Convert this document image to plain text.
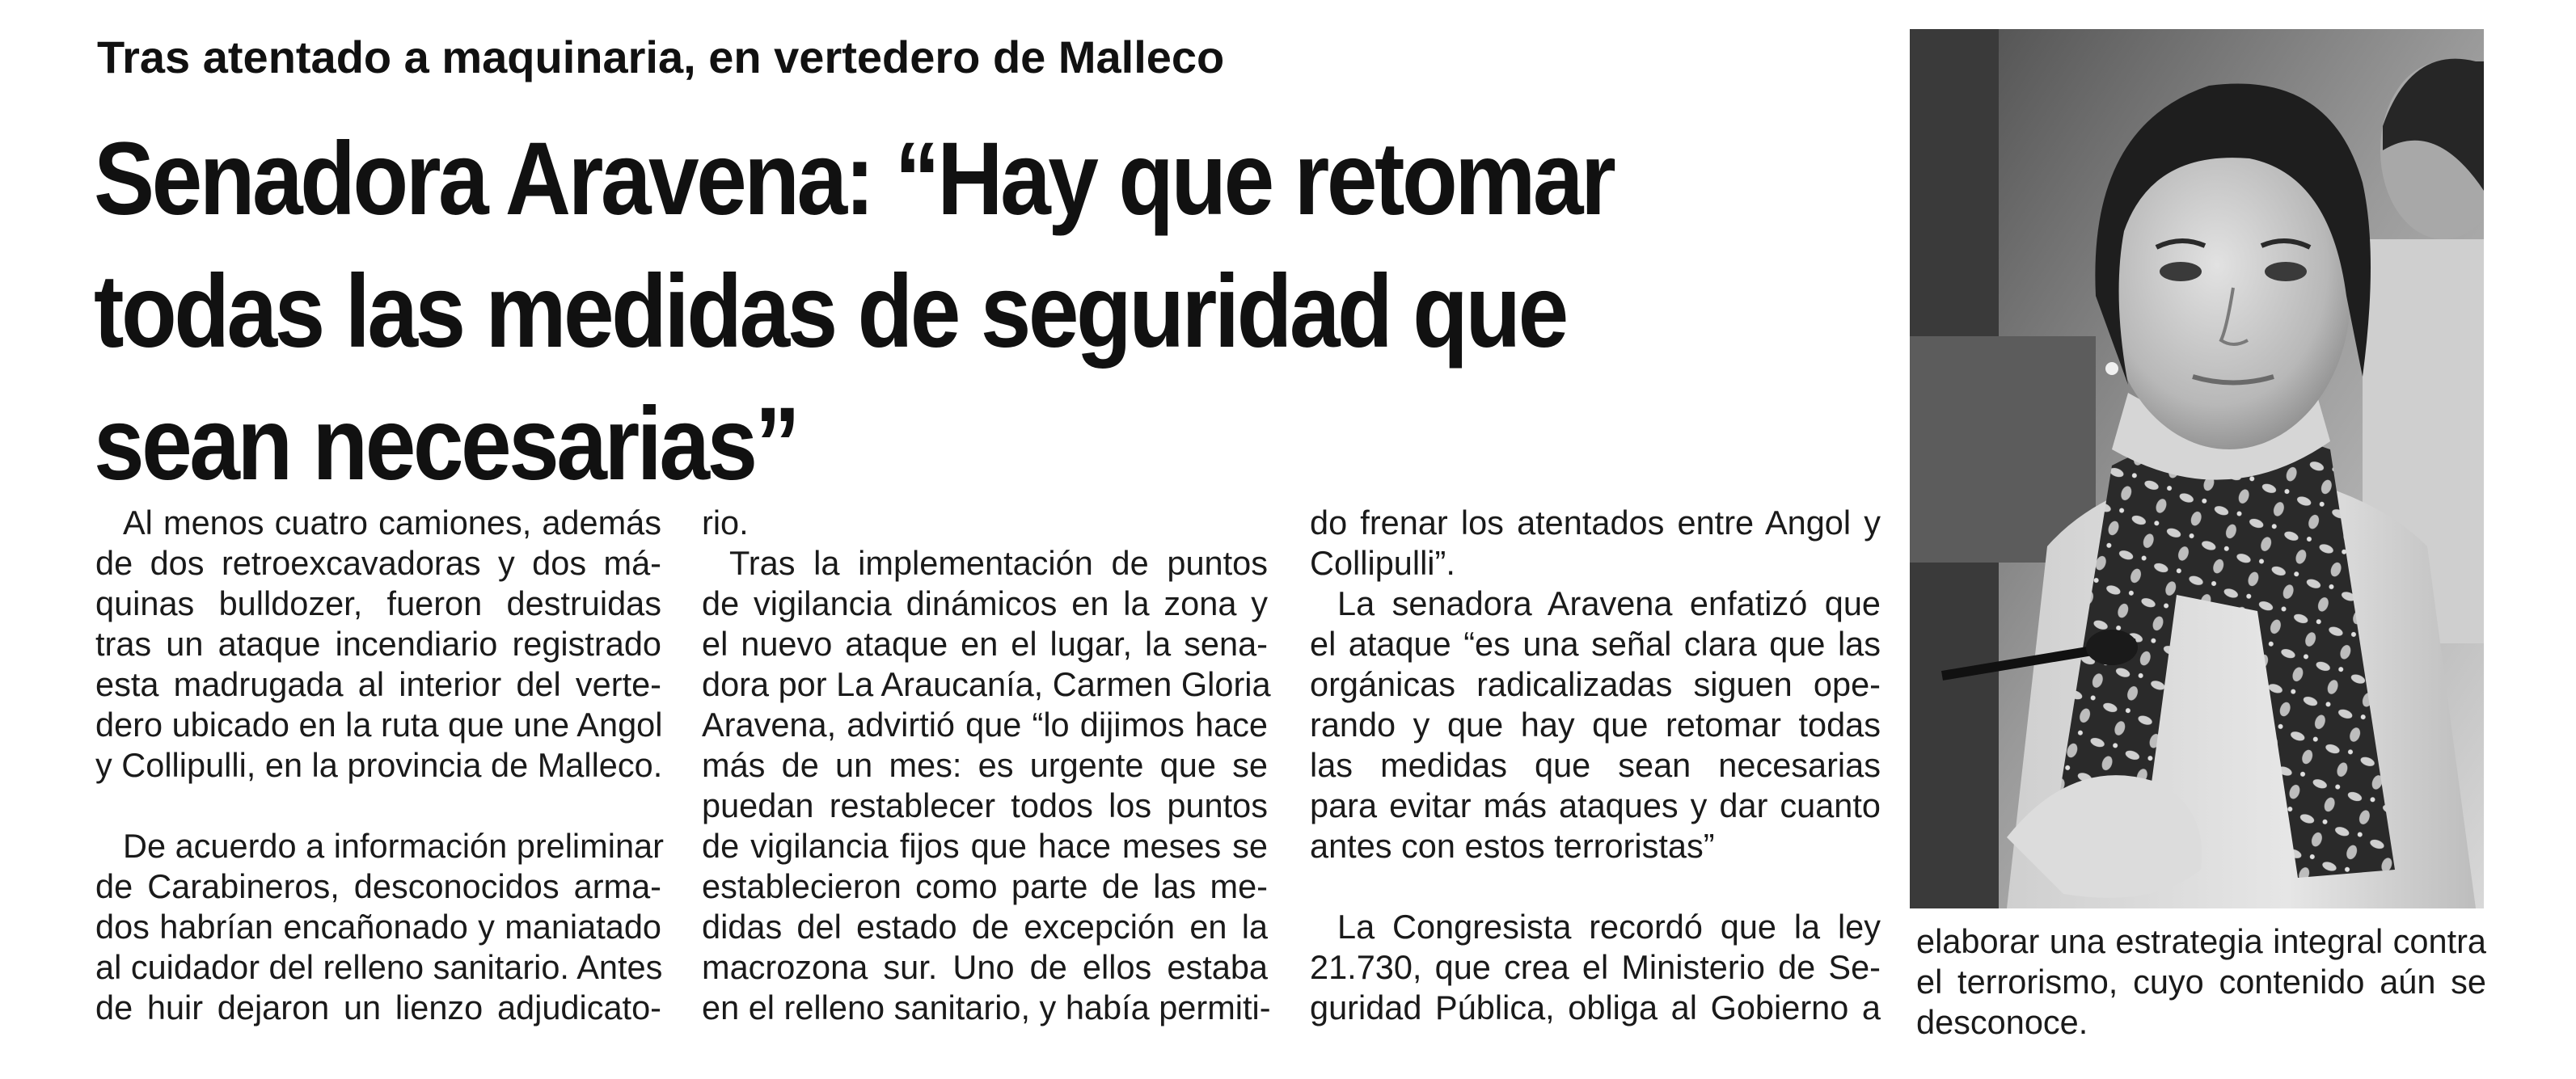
Tras atentado a maquinaria, en vertedero de Malleco
Senadora Aravena: “Hay que retomar
todas las medidas de seguridad que
sean necesarias”
Al menos cuatro camiones, además
de dos retroexcavadoras y dos má-
quinas bulldozer, fueron destruidas
tras un ataque incendiario registrado
esta madrugada al interior del verte-
dero ubicado en la ruta que une Angol
y Collipulli, en la provincia de Malleco.
De acuerdo a información preliminar
de Carabineros, desconocidos arma-
dos habrían encañonado y maniatado
al cuidador del relleno sanitario. Antes
de huir dejaron un lienzo adjudicato-
rio.
Tras la implementación de puntos
de vigilancia dinámicos en la zona y
el nuevo ataque en el lugar, la sena-
dora por La Araucanía, Carmen Gloria
Aravena, advirtió que “lo dijimos hace
más de un mes: es urgente que se
puedan restablecer todos los puntos
de vigilancia fijos que hace meses se
establecieron como parte de las me-
didas del estado de excepción en la
macrozona sur. Uno de ellos estaba
en el relleno sanitario, y había permiti-
do frenar los atentados entre Angol y
Collipulli”.
La senadora Aravena enfatizó que
el ataque “es una señal clara que las
orgánicas radicalizadas siguen ope-
rando y que hay que retomar todas
las medidas que sean necesarias
para evitar más ataques y dar cuanto
antes con estos terroristas”
La Congresista recordó que la ley
21.730, que crea el Ministerio de Se-
guridad Pública, obliga al Gobierno a
elaborar una estrategia integral contra
el terrorismo, cuyo contenido aún se
desconoce.
